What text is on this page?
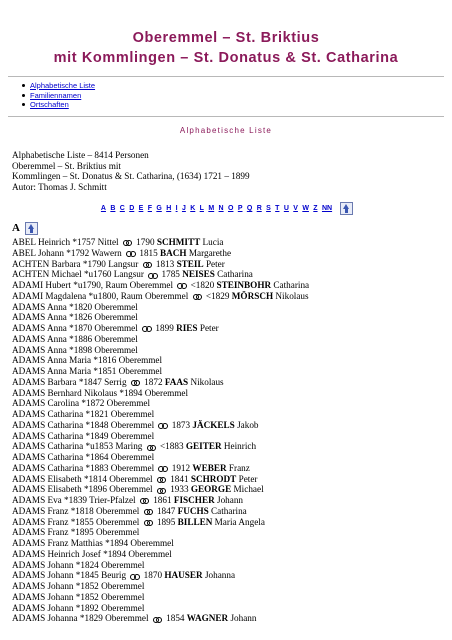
Oberemmel – St. Briktius
mit Kommlingen – St. Donatus & St. Catharina
Alphabetische Liste
Familiennamen
Ortschaften
Alphabetische Liste
Alphabetische Liste – 8414 Personen
Oberemmel – St. Briktius mit
Kommlingen – St. Donatus & St. Catharina, (1634) 1721 – 1899
Autor: Thomas J. Schmitt
A B C D E F G H I J K L M N O P Q R S T U V W Z NN
A
ABEL Heinrich *1757 Nittel 1790 SCHMITT Lucia
ABEL Johann *1792 Wawern 1815 BACH Margarethe
ACHTEN Barbara *1790 Langsur 1813 STEIL Peter
ACHTEN Michael *u1760 Langsur 1785 NEISES Catharina
ADAMI Hubert *u1790, Raum Oberemmel <1820 STEINBOHR Catharina
ADAMI Magdalena *u1800, Raum Oberemmel <1829 MÖRSCH Nikolaus
ADAMS Anna *1820 Oberemmel
ADAMS Anna *1826 Oberemmel
ADAMS Anna *1870 Oberemmel 1899 RIES Peter
ADAMS Anna *1886 Oberemmel
ADAMS Anna *1898 Oberemmel
ADAMS Anna Maria *1816 Oberemmel
ADAMS Anna Maria *1851 Oberemmel
ADAMS Barbara *1847 Serrig 1872 FAAS Nikolaus
ADAMS Bernhard Nikolaus *1894 Oberemmel
ADAMS Carolina *1872 Oberemmel
ADAMS Catharina *1821 Oberemmel
ADAMS Catharina *1848 Oberemmel 1873 JÄCKELS Jakob
ADAMS Catharina *1849 Oberemmel
ADAMS Catharina *u1853 Maring <1883 GEITER Heinrich
ADAMS Catharina *1864 Oberemmel
ADAMS Catharina *1883 Oberemmel 1912 WEBER Franz
ADAMS Elisabeth *1814 Oberemmel 1841 SCHRODT Peter
ADAMS Elisabeth *1896 Oberemmel 1933 GEORGE Michael
ADAMS Eva *1839 Trier-Pfalzel 1861 FISCHER Johann
ADAMS Franz *1818 Oberemmel 1847 FUCHS Catharina
ADAMS Franz *1855 Oberemmel 1895 BILLEN Maria Angela
ADAMS Franz *1895 Oberemmel
ADAMS Franz Matthias *1894 Oberemmel
ADAMS Heinrich Josef *1894 Oberemmel
ADAMS Johann *1824 Oberemmel
ADAMS Johann *1845 Beurig 1870 HAUSER Johanna
ADAMS Johann *1852 Oberemmel
ADAMS Johann *1852 Oberemmel
ADAMS Johann *1892 Oberemmel
ADAMS Johanna *1829 Oberemmel 1854 WAGNER Johann
